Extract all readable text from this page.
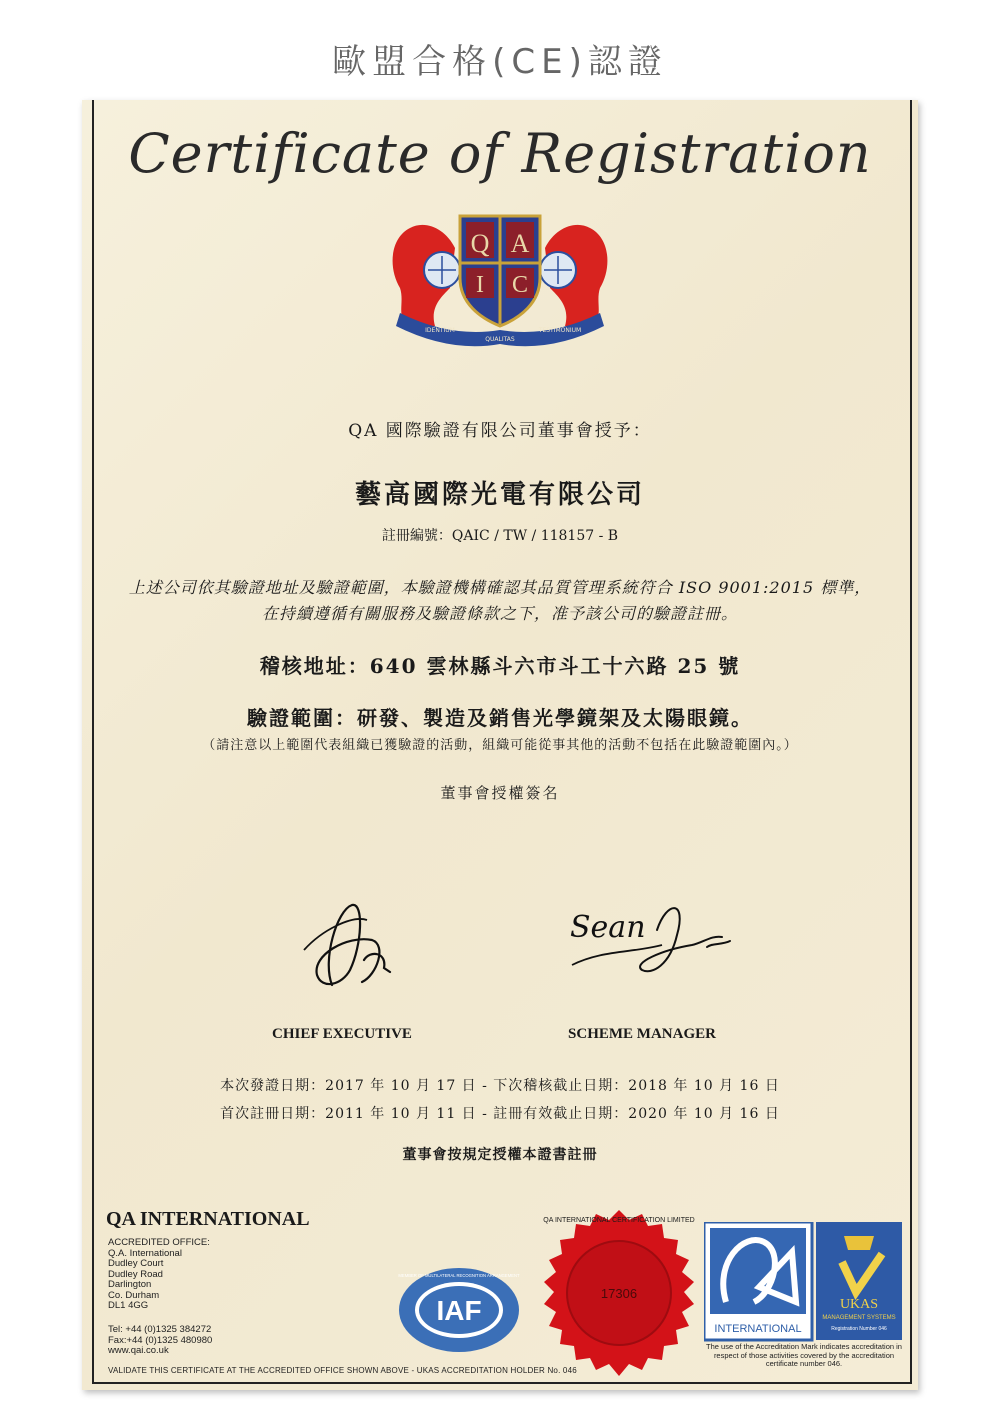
歐盟合格(CE)認證
Certificate of Registration
Q A
I C
IDENTIUM
QUALITAS
TESTIMONIUM
QA 國際驗證有限公司董事會授予：
藝高國際光電有限公司
註冊編號：QAIC / TW / 118157 - B
上述公司依其驗證地址及驗證範圍，本驗證機構確認其品質管理系統符合 ISO 9001:2015 標準，
在持續遵循有關服務及驗證條款之下，准予該公司的驗證註冊。
稽核地址：640 雲林縣斗六市斗工十六路 25 號
驗證範圍：研發、製造及銷售光學鏡架及太陽眼鏡。
（請注意以上範圍代表組織已獲驗證的活動，組織可能從事其他的活動不包括在此驗證範圍內。）
董事會授權簽名
Sean
CHIEF EXECUTIVE	SCHEME MANAGER
本次發證日期：2017 年 10 月 17 日 - 下次稽核截止日期：2018 年 10 月 16 日
首次註冊日期：2011 年 10 月 11 日 - 註冊有效截止日期：2020 年 10 月 16 日
董事會按規定授權本證書註冊
QA INTERNATIONAL
ACCREDITED OFFICE:
Q.A. International
Dudley Court
Dudley Road
Darlington
Co. Durham
DL1 4GG
Tel: +44 (0)1325 384272
Fax:+44 (0)1325 480980
www.qai.co.uk
VALIDATE THIS CERTIFICATE AT THE ACCREDITED OFFICE SHOWN ABOVE - UKAS ACCREDITATION HOLDER No. 046
IAF
MEMBER OF MULTILATERAL RECOGNITION ARRANGEMENT
QA INTERNATIONAL CERTIFICATION LIMITED
17306
INTERNATIONAL
UKAS
MANAGEMENT SYSTEMS
Registration Number 046
The use of the Accreditation Mark indicates accreditation in respect of those activities covered by the accreditation certificate number 046.
